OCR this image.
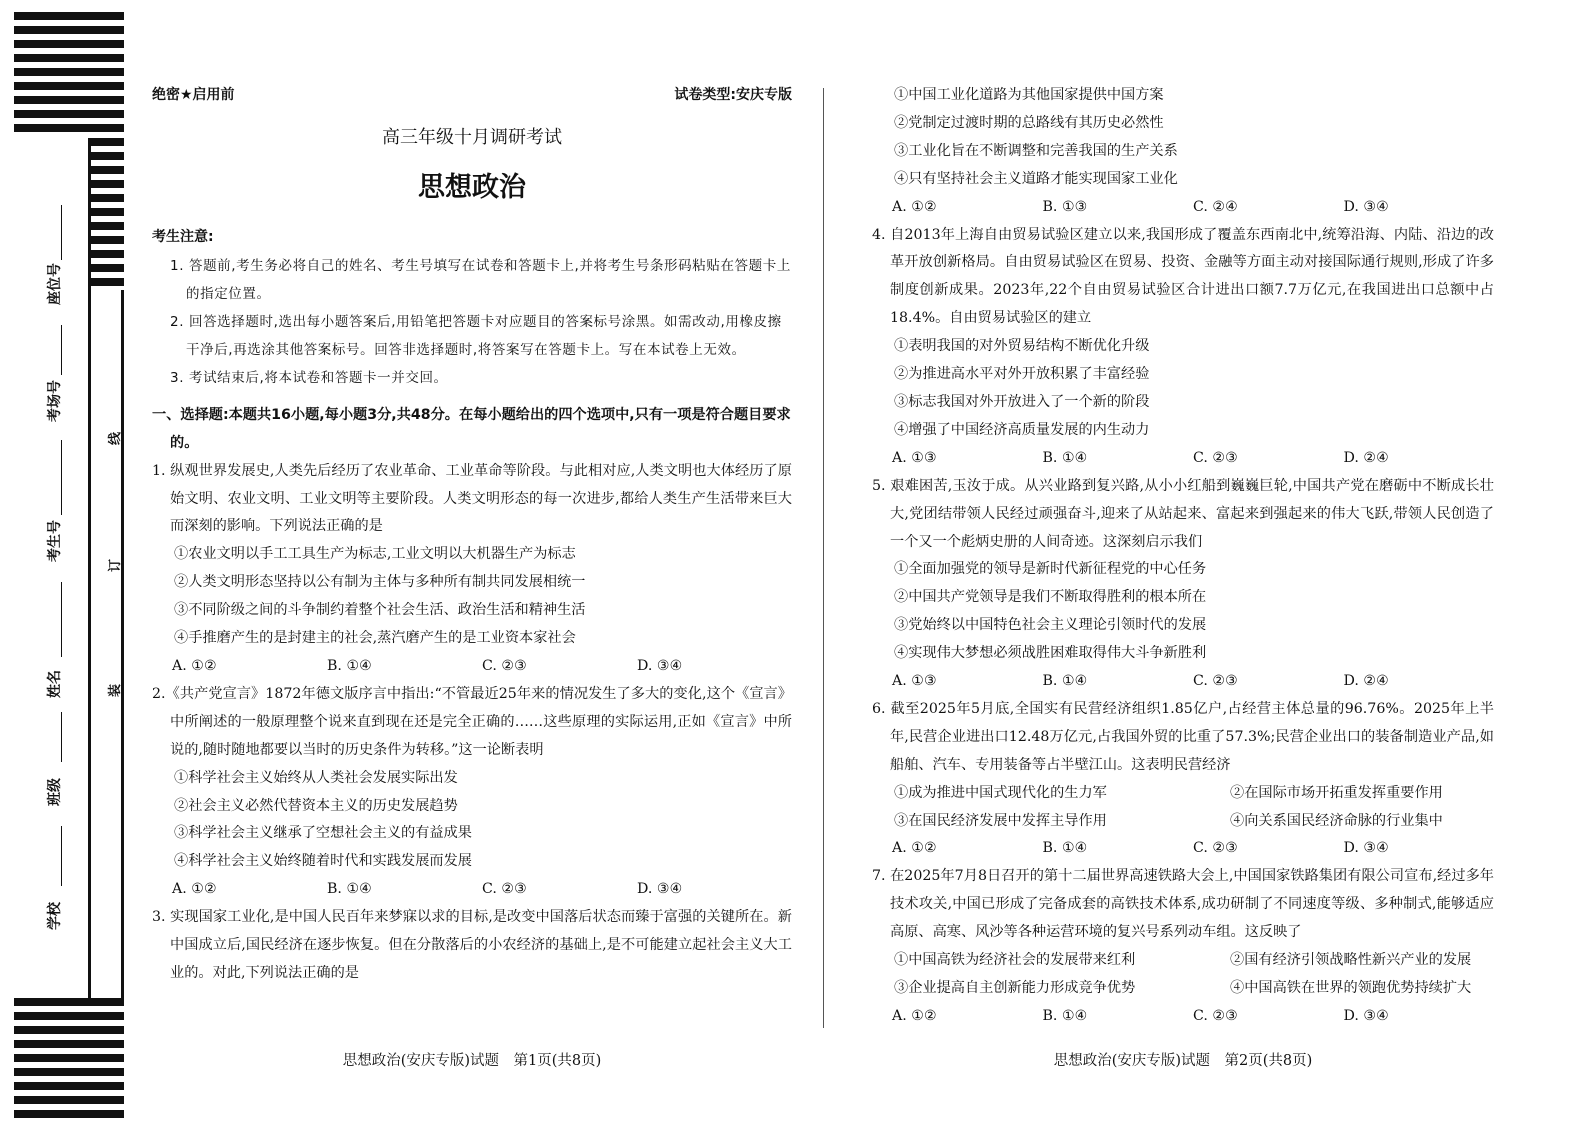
座位号
考场号
考生号
姓名
班级
学校
线
订
装
绝密★启用前	试卷类型:安庆专版
高三年级十月调研考试
思想政治
考生注意:
1. 答题前,考生务必将自己的姓名、考生号填写在试卷和答题卡上,并将考生号条形码粘贴在答题卡上的指定位置。
2. 回答选择题时,选出每小题答案后,用铅笔把答题卡对应题目的答案标号涂黑。如需改动,用橡皮擦干净后,再选涂其他答案标号。回答非选择题时,将答案写在答题卡上。写在本试卷上无效。
3. 考试结束后,将本试卷和答题卡一并交回。
一、选择题:本题共16小题,每小题3分,共48分。在每小题给出的四个选项中,只有一项是符合题目要求的。
1. 纵观世界发展史,人类先后经历了农业革命、工业革命等阶段。与此相对应,人类文明也大体经历了原始文明、农业文明、工业文明等主要阶段。人类文明形态的每一次进步,都给人类生产生活带来巨大而深刻的影响。下列说法正确的是
①农业文明以手工工具生产为标志,工业文明以大机器生产为标志
②人类文明形态坚持以公有制为主体与多种所有制共同发展相统一
③不同阶级之间的斗争制约着整个社会生活、政治生活和精神生活
④手推磨产生的是封建主的社会,蒸汽磨产生的是工业资本家社会
A. ①②	B. ①④	C. ②③	D. ③④
2.《共产党宣言》1872年德文版序言中指出:“不管最近25年来的情况发生了多大的变化,这个《宣言》中所阐述的一般原理整个说来直到现在还是完全正确的……这些原理的实际运用,正如《宣言》中所说的,随时随地都要以当时的历史条件为转移。”这一论断表明
①科学社会主义始终从人类社会发展实际出发
②社会主义必然代替资本主义的历史发展趋势
③科学社会主义继承了空想社会主义的有益成果
④科学社会主义始终随着时代和实践发展而发展
A. ①②	B. ①④	C. ②③	D. ③④
3. 实现国家工业化,是中国人民百年来梦寐以求的目标,是改变中国落后状态而臻于富强的关键所在。新中国成立后,国民经济在逐步恢复。但在分散落后的小农经济的基础上,是不可能建立起社会主义大工业的。对此,下列说法正确的是
①中国工业化道路为其他国家提供中国方案
②党制定过渡时期的总路线有其历史必然性
③工业化旨在不断调整和完善我国的生产关系
④只有坚持社会主义道路才能实现国家工业化
A. ①②	B. ①③	C. ②④	D. ③④
4. 自2013年上海自由贸易试验区建立以来,我国形成了覆盖东西南北中,统筹沿海、内陆、沿边的改革开放创新格局。自由贸易试验区在贸易、投资、金融等方面主动对接国际通行规则,形成了许多制度创新成果。2023年,22个自由贸易试验区合计进出口额7.7万亿元,在我国进出口总额中占18.4%。自由贸易试验区的建立
①表明我国的对外贸易结构不断优化升级
②为推进高水平对外开放积累了丰富经验
③标志我国对外开放进入了一个新的阶段
④增强了中国经济高质量发展的内生动力
A. ①③	B. ①④	C. ②③	D. ②④
5. 艰难困苦,玉汝于成。从兴业路到复兴路,从小小红船到巍巍巨轮,中国共产党在磨砺中不断成长壮大,党团结带领人民经过顽强奋斗,迎来了从站起来、富起来到强起来的伟大飞跃,带领人民创造了一个又一个彪炳史册的人间奇迹。这深刻启示我们
①全面加强党的领导是新时代新征程党的中心任务
②中国共产党领导是我们不断取得胜利的根本所在
③党始终以中国特色社会主义理论引领时代的发展
④实现伟大梦想必须战胜困难取得伟大斗争新胜利
A. ①③	B. ①④	C. ②③	D. ②④
6. 截至2025年5月底,全国实有民营经济组织1.85亿户,占经营主体总量的96.76%。2025年上半年,民营企业进出口12.48万亿元,占我国外贸的比重了57.3%;民营企业出口的装备制造业产品,如船舶、汽车、专用装备等占半壁江山。这表明民营经济
①成为推进中国式现代化的生力军	②在国际市场开拓重发挥重要作用
③在国民经济发展中发挥主导作用	④向关系国民经济命脉的行业集中
A. ①②	B. ①④	C. ②③	D. ③④
7. 在2025年7月8日召开的第十二届世界高速铁路大会上,中国国家铁路集团有限公司宣布,经过多年技术攻关,中国已形成了完备成套的高铁技术体系,成功研制了不同速度等级、多种制式,能够适应高原、高寒、风沙等各种运营环境的复兴号系列动车组。这反映了
①中国高铁为经济社会的发展带来红利	②国有经济引领战略性新兴产业的发展
③企业提高自主创新能力形成竞争优势	④中国高铁在世界的领跑优势持续扩大
A. ①②	B. ①④	C. ②③	D. ③④
思想政治(安庆专版)试题　第1页(共8页)	思想政治(安庆专版)试题　第2页(共8页)
